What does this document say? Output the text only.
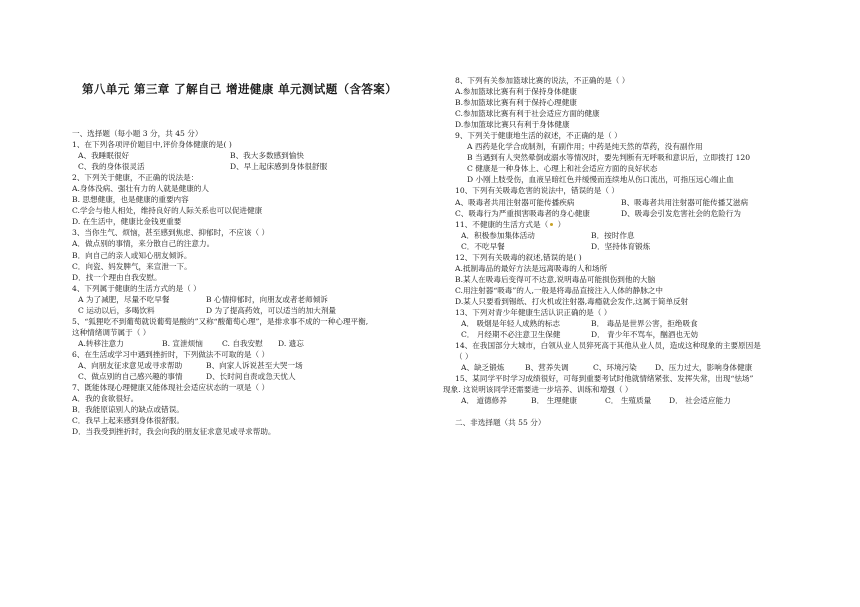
第八单元 第三章 了解自己 增进健康 单元测试题（含答案）
一、选择题（每小题 3 分，共 45 分）
1、在下列各项评价题目中,评价身体健康的是( )
A、我睡眠很好	B、我大多数感到愉快
C、我的身体很灵活	D、早上起床感到身体很舒服
2、下列关于健康，不正确的说法是：
A.身体没病、强壮有力的人就是健康的人
B. 思想健康，也是健康的重要内容
C.学会与他人相处，维持良好的人际关系也可以促进健康
D. 在生活中，健康比金钱更重要
3、当你生气、烦恼，甚至感到焦虑、抑郁时，不应该（ ）
A．做点别的事情，来分散自己的注意力。
B．向自己的亲人或知心朋友倾诉。
C．向瓷、妈发脾气，来宣泄一下。
D．找一个理由自我安慰。
4、下列属于健康的生活方式的是（ ）
A 为了减肥，尽量不吃早餐	B 心情抑郁时，向朋友或者老师倾诉
C 运动以后，多喝饮料	D 为了提高药效，可以适当的加大剂量
5、“狐狸吃不到葡萄就说葡萄是酸的”又称“酸葡萄心理”，是排求事不成的一种心理平衡,
这种情绪调节属于（ ）
A.转移注意力	B. 宣泄烦恼	C. 自我安慰 D. 遗忘
6、在生活或学习中遇到挫折时，下列做法不可取的是（ ）
A、向朋友征求意见或寻求帮助	B、向家人诉说甚至大哭一场
C、做点别的自己感兴趣的事情	D、长时间自责或急天忧人
7、既能体现心理健康又能体现社会适应状态的一项是（ ）
A．我的食欲很好。
B．我能原谅别人的缺点或错误。
C．我早上起来感到身体很舒服。
D．当我受到挫折时，我会向我的朋友征求意见或寻求帮助。
8、下列有关参加篮球比赛的说法，不正确的是（ ）
A.参加篮球比赛有利于保持身体健康
B.参加篮球比赛有利于保持心理健康
C.参加篮球比赛有利于社会适应方面的健康
D.参加篮球比赛只有利于身体健康
9、下列关于健康地生活的叙述，不正确的是（ ）
A 西药是化学合成制剂，有副作用；中药是纯天然的草药，没有副作用
B 当遇到有人突然晕倒或溺水等情况时，要先判断有无呼吸和意识后，立即拨打 120
C 健康是一种身体上、心理上和社会适应方面的良好状态
D 小刚上肢受伤，血液呈暗红色并缓慢而连续地从伤口流出，可指压远心端止血
10、下列有关吸毒危害的说法中，错误的是（ ）
A、吸毒者共用注射器可能传播疾病	B、吸毒者共用注射器可能传播艾滋病
C、吸毒行为严重损害吸毒者的身心健康	D、吸毒会引发危害社会的危险行为
11、不健康的生活方式是（ ）
A．积极参加集体活动	B．按时作息
C．不吃早餐	D．坚持体育锻炼
12、下列有关吸毒的叙述,错误的是( )
A.抵制毒品的最好方法是远离吸毒的人和场所
B.某人在吸毒后变得可不达意,说明毒品可能损伤到他的大脑
C.用注射器“吸毒”的人,一般是将毒品直接注入人体的静脉之中
D.某人只要看到锡纸、打火机或注射器,毒瘾就会发作,这属于简单反射
13、下列对青少年健康生活认识正确的是（ ）
A． 吸烟是年轻人成熟的标志	B． 毒品是世界公害，拒绝吸食
C． 月经期不必注意卫生保健	D． 青少年不骂车，酗酒也无妨
14、在我国部分大城市，白领从业人员猝死高于其他从业人员，造成这种现象的主要原因是
（ ）
A、缺乏锻炼	B、营养失调	C、环境污染 D、压力过大，影响身体健康
15、某同学平时学习成绩很好，可每到重要考试时他就情绪紧张、发挥失常，出现“怯场”
现象. 这说明该同学还需要进一步培养、训练和增强（ ）
A． 道德修养	B． 生理健康	C． 生殖质量 D． 社会适应能力
二、非选择题（共 55 分）
